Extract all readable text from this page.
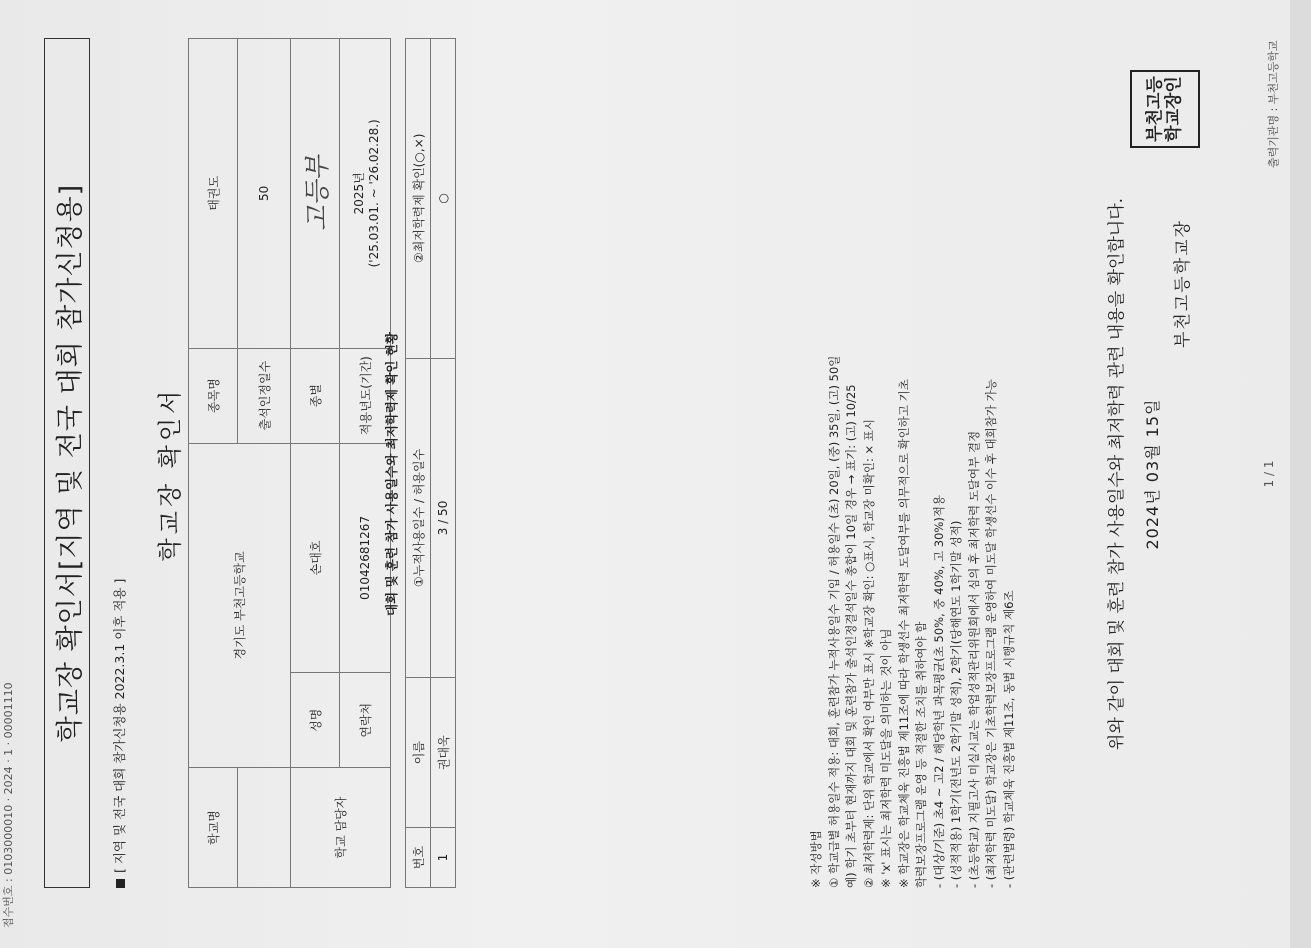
접수번호 : 0103000010 · 2024 · 1 · 00001110
학교장 확인서[지역 및 전국 대회 참가신청용]	[ 지역 및 전국 대회 참가신청용 2022.3.1 이후 적용 ]
학교장 확인서
학교명	경기도 부천고등학교		종목명	태권도
			출석인정일수	50
학교 담당자	성명	손대호	종별	고등부
	연락처	01042681267	적용년도(기간)	2025년 ('25.03.01. ~ '26.02.28.)
대회 및 훈련 참가 사용일수와 최저학력제 확인 현황
번호	이름	①누적사용일수 / 허용일수	②최저학력제 확인(○,×)
1	권대욱	3 / 50	○
※ 작성방법 ① 학교급별 허용일수 적용: 대회, 훈련참가 누적사용일수 기입 / 허용일수 (초) 20일, (중) 35일, (고) 50일 예) 학기 초부터 현재까지 대회 및 훈련참가 출석인정결석일수 총합이 10일 경우 → 표기: (고) 10/25 ② 최저학력제: 단위 학교에서 확인 여부만 표시 ※학교장 확인: ○표시, 학교장 미확인: × 표시 ※ 'x' 표시는 최저학력 미도달을 의미하는 것이 아님 ※ 학교장은 학교체육 진흥법 제11조에 따라 학생선수 최저학력 도달여부를 의무적으로 확인하고 기초 학력보장프로그램 운영 등 적절한 조치를 취하여야 함 - (대상/기준) 초4 ~ 고2 / 해당학년 과목평균(초 50%, 중 40%, 고 30%)적용 - (성적적용) 1학기(전년도 2학기말 성적), 2학기(당해연도 1학기말 성적) - (초등학교) 지필고사 미실시교는 학업성적관리위원회에서 심의 후 최저학력 도달여부 결정 - (최저학력 미도달) 학교장은 기초학력보장프로그램 운영하여 미도달 학생선수 이수 후 대회참가 가능 - (관련법령) 학교체육 진흥법 제11조, 동법 시행규칙 제6조	위와 같이 대회 및 훈련 참가 사용일수와 최저학력 관련 내용을 확인합니다. 2024년 03월 15일
부천고등학교장
부천고등
학교장인
1 / 1
출력기관명 : 부천고등학교
